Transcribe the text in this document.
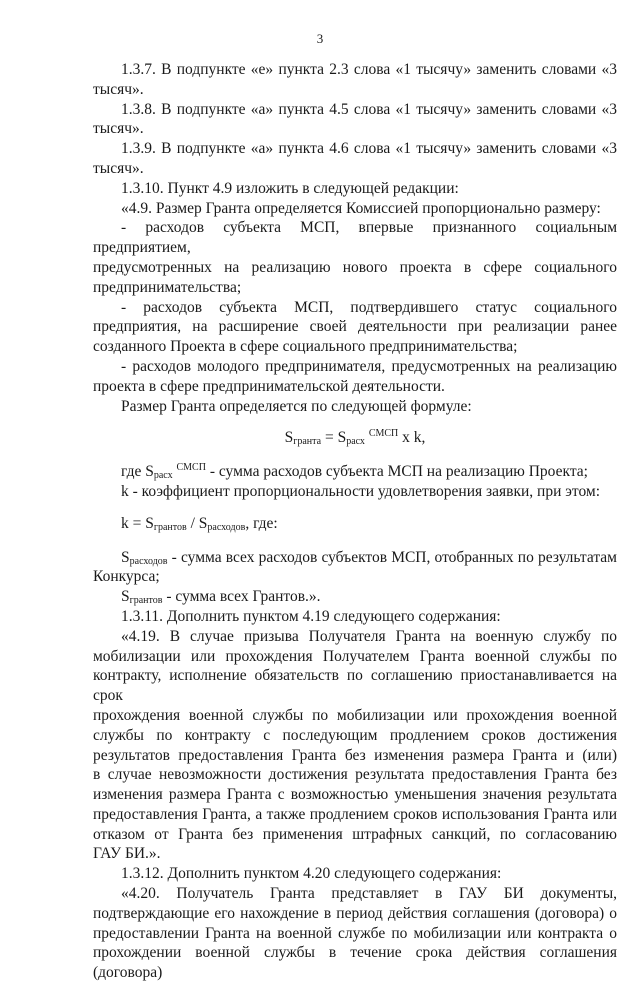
3

1.3.7. В подпункте «е» пункта 2.3 слова «1 тысячу» заменить словами «3

тысяч».

1.3.8. В подпункте «а» пункта 4.5 слова «1 тысячу» заменить словами «3

тысяч».

1.3.9. В подпункте «а» пункта 4.6 слова «1 тысячу» заменить словами «3

тысяч».

1.3.10. Пункт 4.9 изложить в следующей редакции:

«4.9. Размер Гранта определяется Комиссией пропорционально размеру:

- расходов субъекта МСП, впервые признанного социальным предприятием,

предусмотренных на реализацию нового проекта в сфере социального

предпринимательства;

- расходов субъекта МСП, подтвердившего статус социального

предприятия, на расширение своей деятельности при реализации ранее

созданного Проекта в сфере социального предпринимательства;

- расходов молодого предпринимателя, предусмотренных на реализацию

проекта в сфере предпринимательской деятельности.

Размер Гранта определяется по следующей формуле:

$S_{гранта} = S_{расх}$ $^{СМСП}$ x k,

где $S_{расх}$ $^{СМСП}$ - сумма расходов субъекта МСП на реализацию Проекта;

k - коэффициент пропорциональности удовлетворения заявки, при этом:

$k = S_{грантов} / S_{расходов}$, где:

$S_{расходов}$ - сумма всех расходов субъектов МСП, отобранных по результатам

Конкурса;

$S_{грантов}$ - сумма всех Грантов.».

1.3.11. Дополнить пунктом 4.19 следующего содержания:

«4.19. В случае призыва Получателя Гранта на военную службу по

мобилизации или прохождения Получателем Гранта военной службы по

контракту, исполнение обязательств по соглашению приостанавливается на срок

прохождения военной службы по мобилизации или прохождения военной

службы по контракту с последующим продлением сроков достижения

результатов предоставления Гранта без изменения размера Гранта и (или)

в случае невозможности достижения результата предоставления Гранта без

изменения размера Гранта с возможностью уменьшения значения результата

предоставления Гранта, а также продлением сроков использования Гранта или

отказом от Гранта без применения штрафных санкций, по согласованию

ГАУ БИ.».

1.3.12. Дополнить пунктом 4.20 следующего содержания:

«4.20. Получатель Гранта представляет в ГАУ БИ документы,

подтверждающие его нахождение в период действия соглашения (договора) о

предоставлении Гранта на военной службе по мобилизации или контракта о

прохождении военной службы в течение срока действия соглашения (договора)
